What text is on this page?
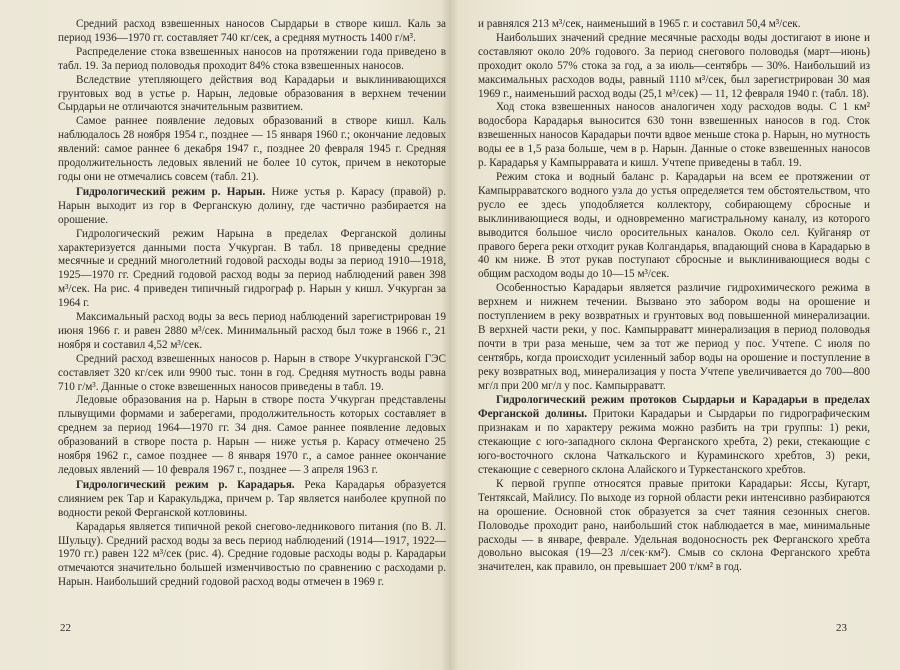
Средний расход взвешенных наносов Сырдарьи в створе кишл. Каль за период 1936—1970 гг. составляет 740 кг/сек, а средняя мутность 1400 г/м³.

Распределение стока взвешенных наносов на протяжении года приведено в табл. 19. За период половодья проходит 84% стока взвешенных наносов.

Вследствие утепляющего действия вод Карадарьи и выклинивающихся грунтовых вод в устье р. Нарын, ледовые образования в верхнем течении Сырдарьи не отличаются значительным развитием.

Самое раннее появление ледовых образований в створе кишл. Каль наблюдалось 28 ноября 1954 г., позднее — 15 января 1960 г.; окончание ледовых явлений: самое раннее 6 декабря 1947 г., позднее 20 февраля 1945 г. Средняя продолжительность ледовых явлений не более 10 суток, причем в некоторые годы они не отмечались совсем (табл. 21).

Гидрологический режим р. Нарын. Ниже устья р. Карасу (правой) р. Нарын выходит из гор в Ферганскую долину, где частично разбирается на орошение.

Гидрологический режим Нарына в пределах Ферганской долины характеризуется данными поста Учкурган. В табл. 18 приведены средние месячные и средний многолетний годовой расходы воды за период 1910—1918, 1925—1970 гг. Средний годовой расход воды за период наблюдений равен 398 м³/сек. На рис. 4 приведен типичный гидрограф р. Нарын у кишл. Учкурган за 1964 г.

Максимальный расход воды за весь период наблюдений зарегистрирован 19 июня 1966 г. и равен 2880 м³/сек. Минимальный расход был тоже в 1966 г., 21 ноября и составил 4,52 м³/сек.

Средний расход взвешенных наносов р. Нарын в створе Учкурганской ГЭС составляет 320 кг/сек или 9900 тыс. тонн в год. Средняя мутность воды равна 710 г/м³. Данные о стоке взвешенных наносов приведены в табл. 19.

Ледовые образования на р. Нарын в створе поста Учкурган представлены плывущими формами и заберегами, продолжительность которых составляет в среднем за период 1964—1970 гг. 34 дня. Самое раннее появление ледовых образований в створе поста р. Нарын — ниже устья р. Карасу отмечено 25 ноября 1962 г., самое позднее — 8 января 1970 г., а самое раннее окончание ледовых явлений — 10 февраля 1967 г., позднее — 3 апреля 1963 г.

Гидрологический режим р. Карадарья. Река Карадарья образуется слиянием рек Тар и Каракульджа, причем р. Тар является наиболее крупной по водности рекой Ферганской котловины.

Карадарья является типичной рекой снегово-ледникового питания (по В. Л. Шульцу). Средний расход воды за весь период наблюдений (1914—1917, 1922—1970 гг.) равен 122 м³/сек (рис. 4). Средние годовые расходы воды р. Карадарьи отмечаются значительно большей изменчивостью по сравнению с расходами р. Нарын. Наибольший средний годовой расход воды отмечен в 1969 г.

22

и равнялся 213 м³/сек, наименьший в 1965 г. и составил 50,4 м³/сек.

Наибольших значений средние месячные расходы воды достигают в июне и составляют около 20% годового. За период снегового половодья (март—июнь) проходит около 57% стока за год, а за июль—сентябрь — 30%. Наибольший из максимальных расходов воды, равный 1110 м³/сек, был зарегистрирован 30 мая 1969 г., наименьший расход воды (25,1 м³/сек) — 11, 12 февраля 1940 г. (табл. 18).

Ход стока взвешенных наносов аналогичен ходу расходов воды. С 1 км² водосбора Карадарья выносится 630 тонн взвешенных наносов в год. Сток взвешенных наносов Карадарьи почти вдвое меньше стока р. Нарын, но мутность воды ее в 1,5 раза больше, чем в р. Нарын. Данные о стоке взвешенных наносов р. Карадарья у Кампырравата и кишл. Учтепе приведены в табл. 19.

Режим стока и водный баланс р. Карадарьи на всем ее протяжении от Кампырраватского водного узла до устья определяется тем обстоятельством, что русло ее здесь уподобляется коллектору, собирающему сбросные и выклинивающиеся воды, и одновременно магистральному каналу, из которого выводится большое число оросительных каналов. Около сел. Куйганяр от правого берега реки отходит рукав Колгандарья, впадающий снова в Карадарью в 40 км ниже. В этот рукав поступают сбросные и выклинивающиеся воды с общим расходом воды до 10—15 м³/сек.

Особенностью Карадарьи является различие гидрохимического режима в верхнем и нижнем течении. Вызвано это забором воды на орошение и поступлением в реку возвратных и грунтовых вод повышенной минерализации. В верхней части реки, у пос. Кампырраватт минерализация в период половодья почти в три раза меньше, чем за тот же период у пос. Учтепе. С июля по сентябрь, когда происходит усиленный забор воды на орошение и поступление в реку возвратных вод, минерализация у поста Учтепе увеличивается до 700—800 мг/л при 200 мг/л у пос. Кампырраватт.

Гидрологический режим протоков Сырдарьи и Карадарьи в пределах Ферганской долины. Притоки Карадарьи и Сырдарьи по гидрографическим признакам и по характеру режима можно разбить на три группы: 1) реки, стекающие с юго-западного склона Ферганского хребта, 2) реки, стекающие с юго-восточного склона Чаткальского и Кураминского хребтов, 3) реки, стекающие с северного склона Алайского и Туркестанского хребтов.

К первой группе относятся правые притоки Карадарьи: Яссы, Кугарт, Тентяксай, Майлису. По выходе из горной области реки интенсивно разбираются на орошение. Основной сток образуется за счет таяния сезонных снегов. Половодье проходит рано, наибольший сток наблюдается в мае, минимальные расходы — в январе, феврале. Удельная водоносность рек Ферганского хребта довольно высокая (19—23 л/сек·км²). Смыв со склона Ферганского хребта значителен, как правило, он превышает 200 т/км² в год.

23
